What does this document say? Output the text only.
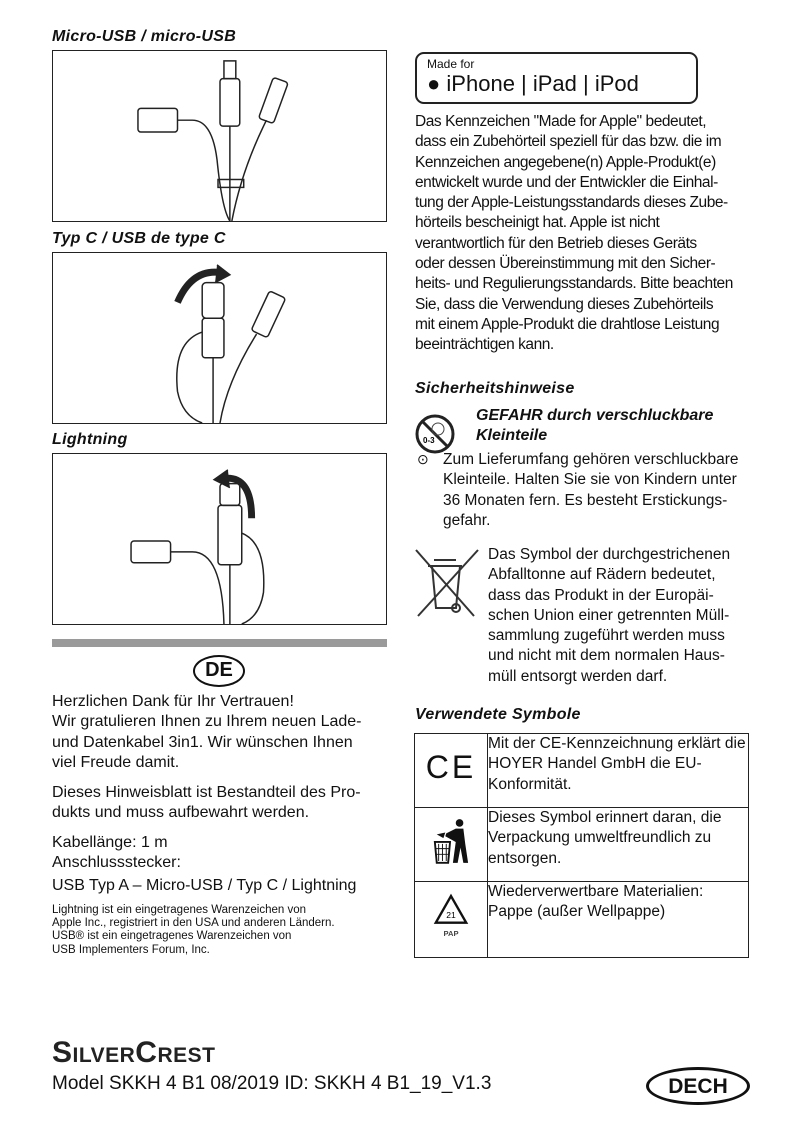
Micro-USB / micro-USB
Typ C / USB de type C
Lightning
DE
Herzlichen Dank für Ihr Vertrauen!
Wir gratulieren Ihnen zu Ihrem neuen Lade-
und Datenkabel 3in1. Wir wünschen Ihnen
viel Freude damit.
Dieses Hinweisblatt ist Bestandteil des Pro-
dukts und muss aufbewahrt werden.
Kabellänge: 1 m
Anschlussstecker:
USB Typ A – Micro-USB / Typ C / Lightning
Lightning ist ein eingetragenes Warenzeichen von
Apple Inc., registriert in den USA und anderen Ländern.
USB® ist ein eingetragenes Warenzeichen von
USB Implementers Forum, Inc.
Made for
● iPhone | iPad | iPod
Das Kennzeichen "Made for Apple" bedeutet,
dass ein Zubehörteil speziell für das bzw. die im
Kennzeichen angegebene(n) Apple-Produkt(e)
entwickelt wurde und der Entwickler die Einhal-
tung der Apple-Leistungsstandards dieses Zube-
hörteils bescheinigt hat. Apple ist nicht
verantwortlich für den Betrieb dieses Geräts
oder dessen Übereinstimmung mit den Sicher-
heits- und Regulierungsstandards. Bitte beachten
Sie, dass die Verwendung dieses Zubehörteils
mit einem Apple-Produkt die drahtlose Leistung
beeinträchtigen kann.
Sicherheitshinweise
0-3
GEFAHR durch verschluckbare
Kleinteile
⊙ Zum Lieferumfang gehören verschluckbare
Kleinteile. Halten Sie sie von Kindern unter
36 Monaten fern. Es besteht Erstickungs-
gefahr.
Das Symbol der durchgestrichenen
Abfalltonne auf Rädern bedeutet,
dass das Produkt in der Europäi-
schen Union einer getrennten Müll-
sammlung zugeführt werden muss
und nicht mit dem normalen Haus-
müll entsorgt werden darf.
Verwendete Symbole
CE	Mit der CE-Kennzeichnung erklärt die HOYER Handel GmbH die EU-Konformität.
	Dieses Symbol erinnert daran, die Verpackung umweltfreundlich zu entsorgen.

21
PAP	Wiederverwertbare Materialien: Pappe (außer Wellpappe)
SilverCrest
Model SKKH 4 B1 08/2019 ID: SKKH 4 B1_19_V1.3	DECH
